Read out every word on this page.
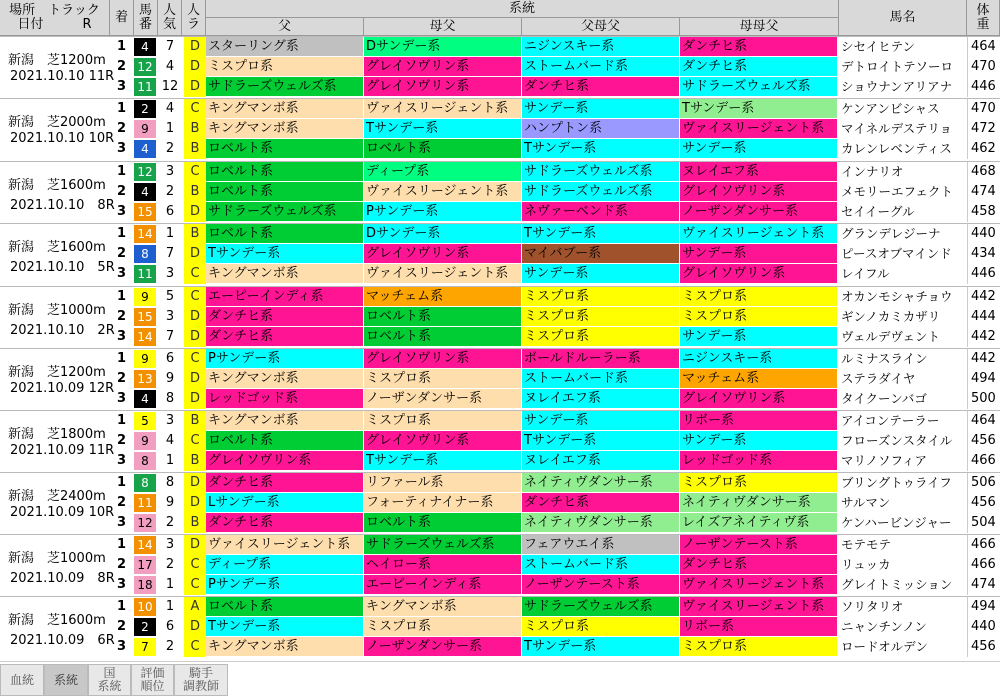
場所　トラック
日付　　　R	着 馬番
人気
人ラ
系統
父	母父	父母父	母母父
馬名	体重
新潟　芝1200m
2021.10.10 11R
1	4	7	D スターリング系	Dサンデー系	ニジンスキー系	ダンチヒ系	シセイヒテン	464
2 12	4	D ミスプロ系	グレイソヴリン系	ストームバード系	ダンチヒ系	デトロイトテソーロ	470
3 11 12 D サドラーズウェルズ系	グレイソヴリン系	ダンチヒ系	サドラーズウェルズ系	ショウナンアリアナ	446
新潟　芝2000m
2021.10.10 10R
1	2	4	C キングマンボ系	ヴァイスリージェント系	サンデー系	Tサンデー系	ケンアンビシャス	470
2	9	1	B キングマンボ系	Tサンデー系	ハンプトン系	ヴァイスリージェント系	マイネルデステリョ	472
3	4	2	B ロベルト系	ロベルト系	Tサンデー系	サンデー系	カレンレベンティス	462
新潟　芝1600m
2021.10.10　8R
1 12	3	C ロベルト系	ディープ系	サドラーズウェルズ系	ヌレイエフ系	インナリオ	468
2	4	2	B ロベルト系	ヴァイスリージェント系	サドラーズウェルズ系	グレイソヴリン系	メモリーエフェクト	474
3 15	6	D サドラーズウェルズ系	Pサンデー系	ネヴァーベンド系	ノーザンダンサー系	セイイーグル	458
新潟　芝1600m
2021.10.10　5R
1 14	1	B ロベルト系	Dサンデー系	Tサンデー系	ヴァイスリージェント系	グランデレジーナ	440
2	8	7	D Tサンデー系	グレイソヴリン系	マイバブー系	サンデー系	ピースオブマインド	434
3 11	3	C キングマンボ系	ヴァイスリージェント系	サンデー系	グレイソヴリン系	レイフル	446
新潟　芝1000m
2021.10.10　2R
1	9	5	C エーピーインディ系	マッチェム系	ミスプロ系	ミスプロ系	オカンモシャチョウ	442
2 15	3	D ダンチヒ系	ロベルト系	ミスプロ系	ミスプロ系	ギンノカミカザリ	444
3 14	7	D ダンチヒ系	ロベルト系	ミスプロ系	サンデー系	ヴェルデヴェント	442
新潟　芝1200m
2021.10.09 12R
1	9	6	C Pサンデー系	グレイソヴリン系	ボールドルーラー系	ニジンスキー系	ルミナスライン	442
2 13	9	D キングマンボ系	ミスプロ系	ストームバード系	マッチェム系	ステラダイヤ	494
3	4	8	D レッドゴッド系	ノーザンダンサー系	ヌレイエフ系	グレイソヴリン系	タイクーンバゴ	500
新潟　芝1800m
2021.10.09 11R
1	5	3	B キングマンボ系	ミスプロ系	サンデー系	リボー系	アイコンテーラー	464
2	9	4	C ロベルト系	グレイソヴリン系	Tサンデー系	サンデー系	フローズンスタイル	456
3	8	1	B グレイソヴリン系	Tサンデー系	ヌレイエフ系	レッドゴッド系	マリノソフィア	466
新潟　芝2400m
2021.10.09 10R
1	8	8	D ダンチヒ系	リファール系	ネイティヴダンサー系	ミスプロ系	ブリングトゥライフ	506
2 11	9	D Lサンデー系	フォーティナイナー系	ダンチヒ系	ネイティヴダンサー系	サルマン	456
3 12	2	B ダンチヒ系	ロベルト系	ネイティヴダンサー系	レイズアネイティヴ系	ケンハービンジャー	504
新潟　芝1000m
2021.10.09　8R
1 14	3	D ヴァイスリージェント系	サドラーズウェルズ系	フェアウエイ系	ノーザンテースト系	モテモテ	466
2 17	2	C ディープ系	ヘイロー系	ストームバード系	ダンチヒ系	リュッカ	466
3 18	1	C Pサンデー系	エーピーインディ系	ノーザンテースト系	ヴァイスリージェント系	グレイトミッション	474
新潟　芝1600m
2021.10.09　6R
1 10	1	A ロベルト系	キングマンボ系	サドラーズウェルズ系	ヴァイスリージェント系	ソリタリオ	494
2	2	6	D Tサンデー系	ミスプロ系	ミスプロ系	リボー系	ニャンチンノン	440
3	7	2	C キングマンボ系	ノーザンダンサー系	Tサンデー系	ミスプロ系	ロードオルデン	456
血統	系統	国
系統
評価
順位
騎手
調教師
